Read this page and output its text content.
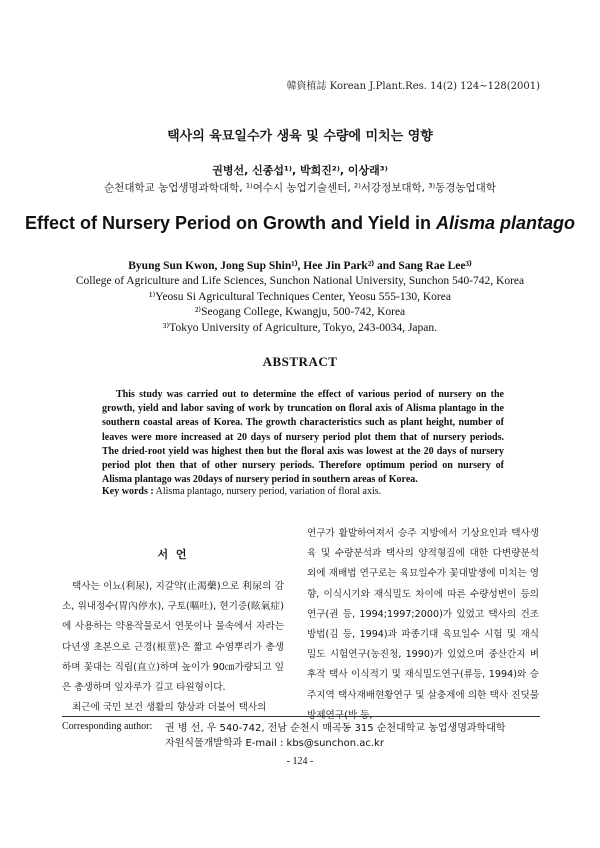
韓資植誌 Korean J.Plant.Res. 14(2) 124~128(2001)
택사의 육묘일수가 생육 및 수량에 미치는 영향
권병선, 신종섭¹⁾, 박희진²⁾, 이상래³⁾
순천대학교 농업생명과학대학, ¹⁾여수시 농업기술센터, ²⁾서강정보대학, ³⁾동경농업대학
Effect of Nursery Period on Growth and Yield in Alisma plantago
Byung Sun Kwon, Jong Sup Shin¹⁾, Hee Jin Park²⁾ and Sang Rae Lee³⁾
College of Agriculture and Life Sciences, Sunchon National University, Sunchon 540-742, Korea
¹⁾Yeosu Si Agricultural Techniques Center, Yeosu 555-130, Korea
²⁾Seogang College, Kwangju, 500-742, Korea
³⁾Tokyo University of Agriculture, Tokyo, 243-0034, Japan.
ABSTRACT
This study was carried out to determine the effect of various period of nursery on the growth, yield and labor saving of work by truncation on floral axis of Alisma plantago in the southern coastal areas of Korea. The growth characteristics such as plant height, number of leaves were more increased at 20 days of nursery period plot them that of nursery periods. The dried-root yield was highest then but the floral axis was lowest at the 20 days of nursery period plot then that of other nursery periods. Therefore optimum period on nursery of Alisma plantago was 20days of nursery period in southern areas of Korea.
Key words : Alisma plantago, nursery period, variation of floral axis.
서 언

택사는 이뇨(利尿), 지갈약(止渴藥)으로 利尿의 감소, 위내정수(胃內停水), 구토(嘔吐), 현기증(眩氣症)에 사용하는 약용작물로서 연못이나 물속에서 자라는 다년생 초본으로 근경(根莖)은 짧고 수염뿌리가 총생하며 꽃대는 직립(直立)하며 높이가 90㎝가량되고 잎은 총생하며 잎자루가 길고 타원형이다.

최근에 국민 보건 생활의 향상과 더불어 택사의

연구가 활발하여져서 승주 지방에서 기상요인과 택사생육 및 수량분석과 택사의 양적형질에 대한 다변량분석 외에 재배법 연구로는 육묘일수가 꽃대발생에 미치는 영향, 이식시기와 재식밀도 차이에 따른 수량성변이 등의 연구(권 등, 1994;1997;2000)가 있었고 택사의 건조방법(김 등, 1994)과 파종기대 육묘일수 시험 및 재식밀도 시험연구(농진청, 1990)가 있었으며 중산간지 벼후작 택사 이식적기 및 재식밀도연구(류등, 1994)와 승주지역 택사재배현황연구 및 살충제에 의한 택사 진딧물 방제연구(박 등,

Corresponding author: 권 병 선, 우 540-742, 전남 순천시 매곡동 315 순천대학교 농업생명과학대학
자원식물개발학과 E-mail : kbs@sunchon.ac.kr
- 124 -
